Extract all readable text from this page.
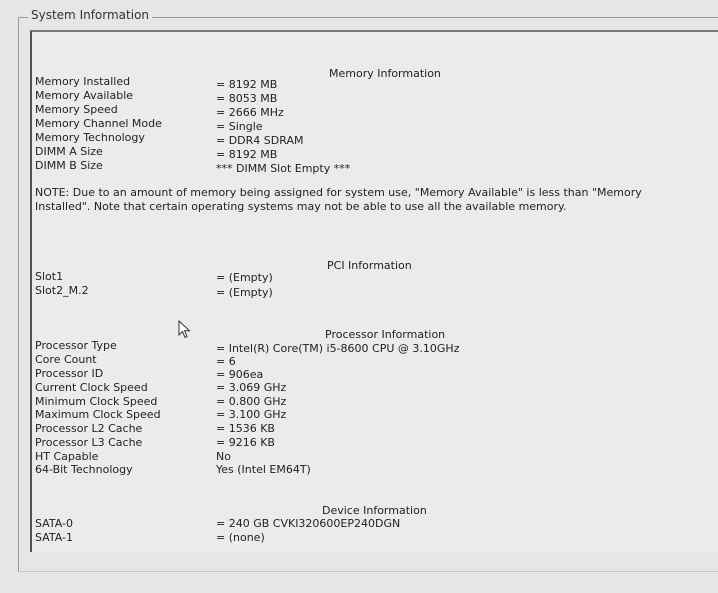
System Information
Memory Information
Memory Installed	= 8192 MB
Memory Available	= 8053 MB
Memory Speed	= 2666 MHz
Memory Channel Mode	= Single
Memory Technology	= DDR4 SDRAM
DIMM A Size	= 8192 MB
DIMM B Size	*** DIMM Slot Empty ***
NOTE: Due to an amount of memory being assigned for system use, "Memory Available" is less than "Memory Installed". Note that certain operating systems may not be able to use all the available memory.
PCI Information
Slot1	= (Empty)
Slot2_M.2	= (Empty)
Processor Information
Processor Type	= Intel(R) Core(TM) i5-8600 CPU @ 3.10GHz
Core Count	= 6
Processor ID	= 906ea
Current Clock Speed	= 3.069 GHz
Minimum Clock Speed	= 0.800 GHz
Maximum Clock Speed	= 3.100 GHz
Processor L2 Cache	= 1536 KB
Processor L3 Cache	= 9216 KB
HT Capable	No
64-Bit Technology	Yes (Intel EM64T)
Device Information
SATA-0	= 240 GB CVKI320600EP240DGN
SATA-1	= (none)
